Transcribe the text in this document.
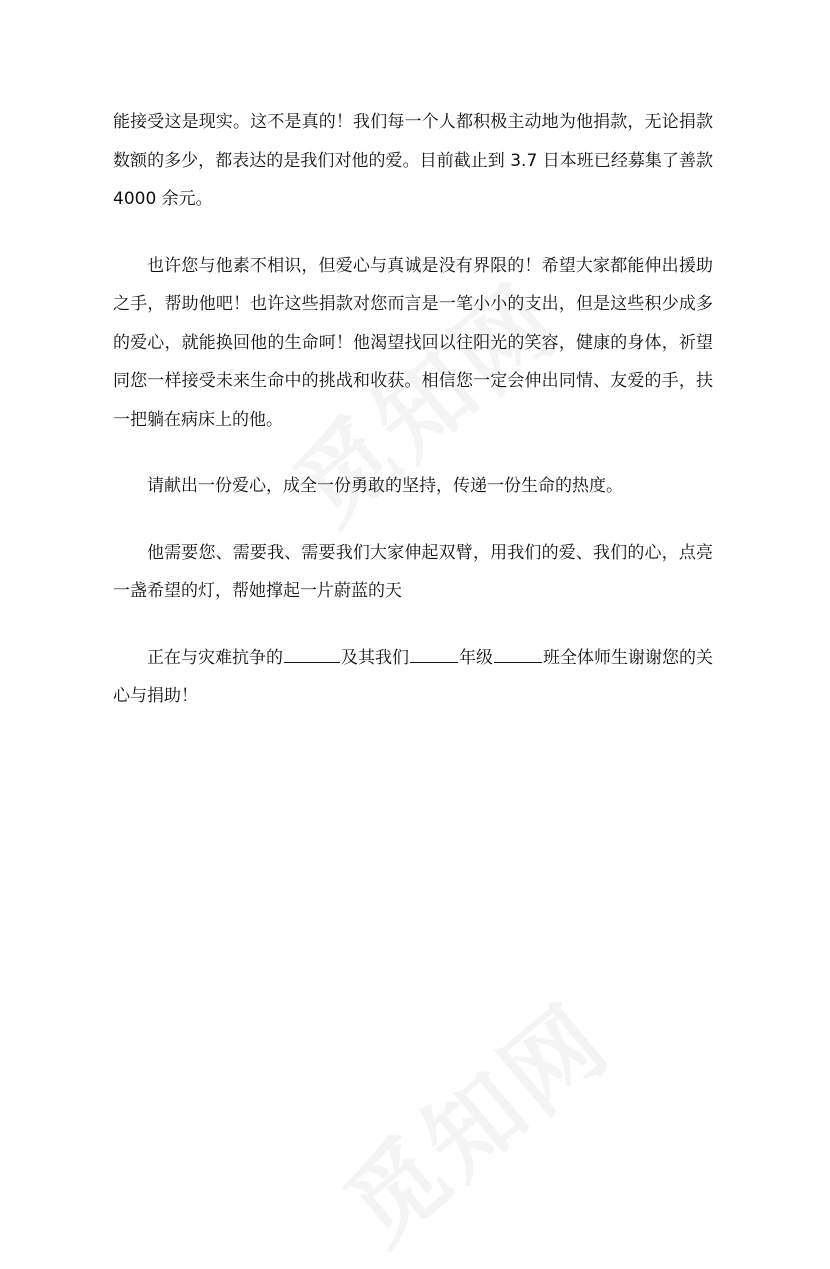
能接受这是现实。这不是真的！我们每一个人都积极主动地为他捐款，无论捐款数额的多少，都表达的是我们对他的爱。目前截止到 3.7 日本班已经募集了善款 4000 余元。

也许您与他素不相识，但爱心与真诚是没有界限的！希望大家都能伸出援助之手，帮助他吧！也许这些捐款对您而言是一笔小小的支出，但是这些积少成多的爱心，就能换回他的生命呵！他渴望找回以往阳光的笑容，健康的身体，祈望同您一样接受未来生命中的挑战和收获。相信您一定会伸出同情、友爱的手，扶一把躺在病床上的他。

请献出一份爱心，成全一份勇敢的坚持，传递一份生命的热度。

他需要您、需要我、需要我们大家伸起双臂，用我们的爱、我们的心，点亮一盏希望的灯，帮她撑起一片蔚蓝的天

正在与灾难抗争的	及其我们	年级	班全体师生谢谢您的关心与捐助！
